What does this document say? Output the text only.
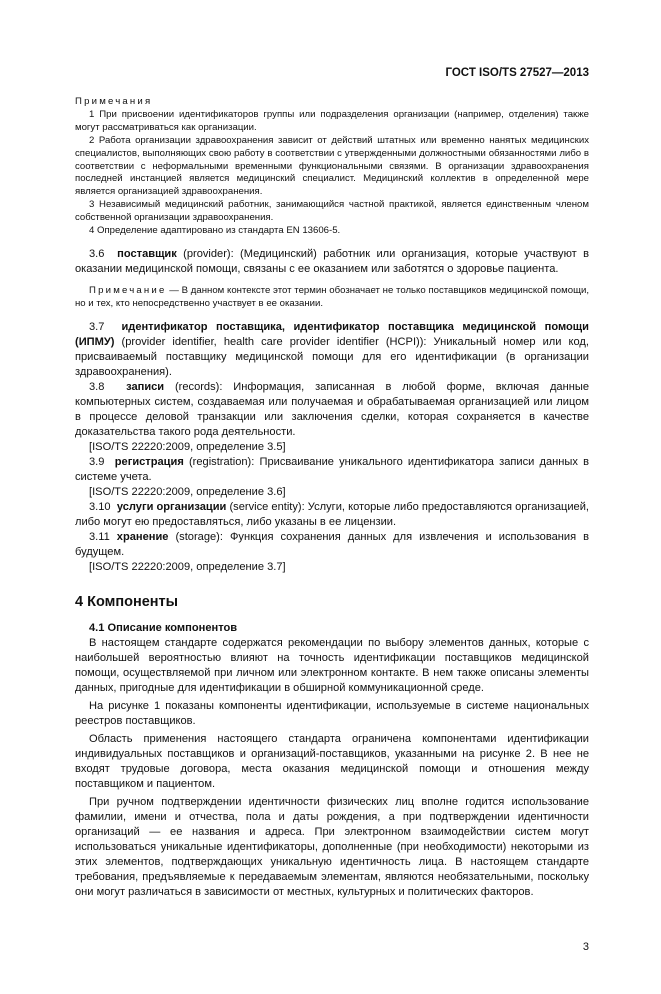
ГОСТ ISO/TS 27527—2013

Примечания

1 При присвоении идентификаторов группы или подразделения организации (например, отделения) также могут рассматриваться как организации.

2 Работа организации здравоохранения зависит от действий штатных или временно нанятых медицинских специалистов, выполняющих свою работу в соответствии с утвержденными должностными обязанностями либо в соответствии с неформальными временными функциональными связями. В организации здравоохранения последней инстанцией является медицинский специалист. Медицинский коллектив в определенной мере является организацией здравоохранения.

3 Независимый медицинский работник, занимающийся частной практикой, является единственным членом собственной организации здравоохранения.

4 Определение адаптировано из стандарта EN 13606-5.

3.6 поставщик (provider): (Медицинский) работник или организация, которые участвуют в оказании медицинской помощи, связаны с ее оказанием или заботятся о здоровье пациента.

Примечание — В данном контексте этот термин обозначает не только поставщиков медицинской помощи, но и тех, кто непосредственно участвует в ее оказании.

3.7 идентификатор поставщика, идентификатор поставщика медицинской помощи (ИПМУ) (provider identifier, health care provider identifier (HCPI)): Уникальный номер или код, присваиваемый поставщику медицинской помощи для его идентификации (в организации здравоохранения).

3.8 записи (records): Информация, записанная в любой форме, включая данные компьютерных систем, создаваемая или получаемая и обрабатываемая организацией или лицом в процессе деловой транзакции или заключения сделки, которая сохраняется в качестве доказательства такого рода деятельности.

[ISO/TS 22220:2009, определение 3.5]

3.9 регистрация (registration): Присваивание уникального идентификатора записи данных в системе учета.

[ISO/TS 22220:2009, определение 3.6]

3.10 услуги организации (service entity): Услуги, которые либо предоставляются организацией, либо могут ею предоставляться, либо указаны в ее лицензии.

3.11 хранение (storage): Функция сохранения данных для извлечения и использования в будущем.

[ISO/TS 22220:2009, определение 3.7]

4 Компоненты

4.1 Описание компонентов

В настоящем стандарте содержатся рекомендации по выбору элементов данных, которые с наибольшей вероятностью влияют на точность идентификации поставщиков медицинской помощи, осуществляемой при личном или электронном контакте. В нем также описаны элементы данных, пригодные для идентификации в обширной коммуникационной среде.

На рисунке 1 показаны компоненты идентификации, используемые в системе национальных реестров поставщиков.

Область применения настоящего стандарта ограничена компонентами идентификации индивидуальных поставщиков и организаций-поставщиков, указанными на рисунке 2. В нее не входят трудовые договора, места оказания медицинской помощи и отношения между поставщиком и пациентом.

При ручном подтверждении идентичности физических лиц вполне годится использование фамилии, имени и отчества, пола и даты рождения, а при подтверждении идентичности организаций — ее названия и адреса. При электронном взаимодействии систем могут использоваться уникальные идентификаторы, дополненные (при необходимости) некоторыми из этих элементов, подтверждающих уникальную идентичность лица. В настоящем стандарте требования, предъявляемые к передаваемым элементам, являются необязательными, поскольку они могут различаться в зависимости от местных, культурных и политических факторов.

3
